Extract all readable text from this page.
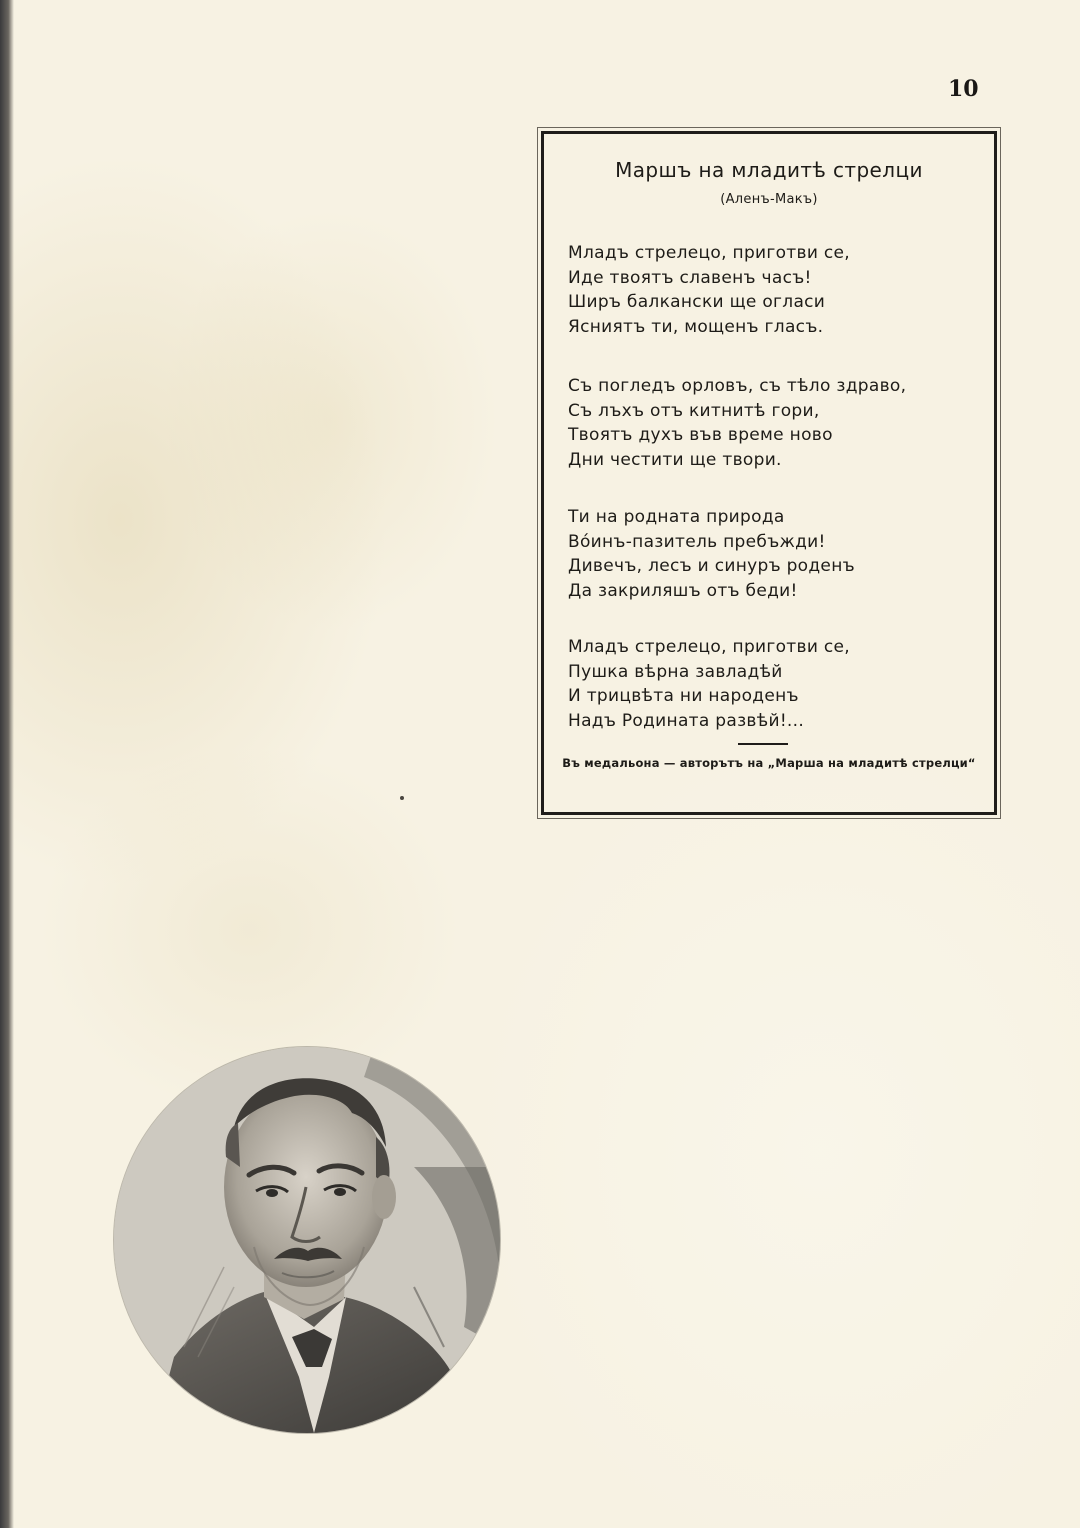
10
Маршъ на младитѣ стрелци
(Аленъ-Макъ)
Младъ стрелецо, приготви се,
Иде твоятъ славенъ часъ!
Ширъ балкански ще огласи
Ясниятъ ти, мощенъ гласъ.
Съ погледъ орловъ, съ тѣло здраво,
Съ лъхъ отъ китнитѣ гори,
Твоятъ духъ във време ново
Дни честити ще твори.
Ти на родната природа
Вóинъ-пазитель пребъжди!
Дивечъ, лесъ и синуръ роденъ
Да закриляшъ отъ беди!
Младъ стрелецо, приготви се,
Пушка вѣрна завладѣй
И трицвѣта ни народенъ
Надъ Родината развѣй!...
Въ медальона — авторътъ на „Марша на младитѣ стрелци“
